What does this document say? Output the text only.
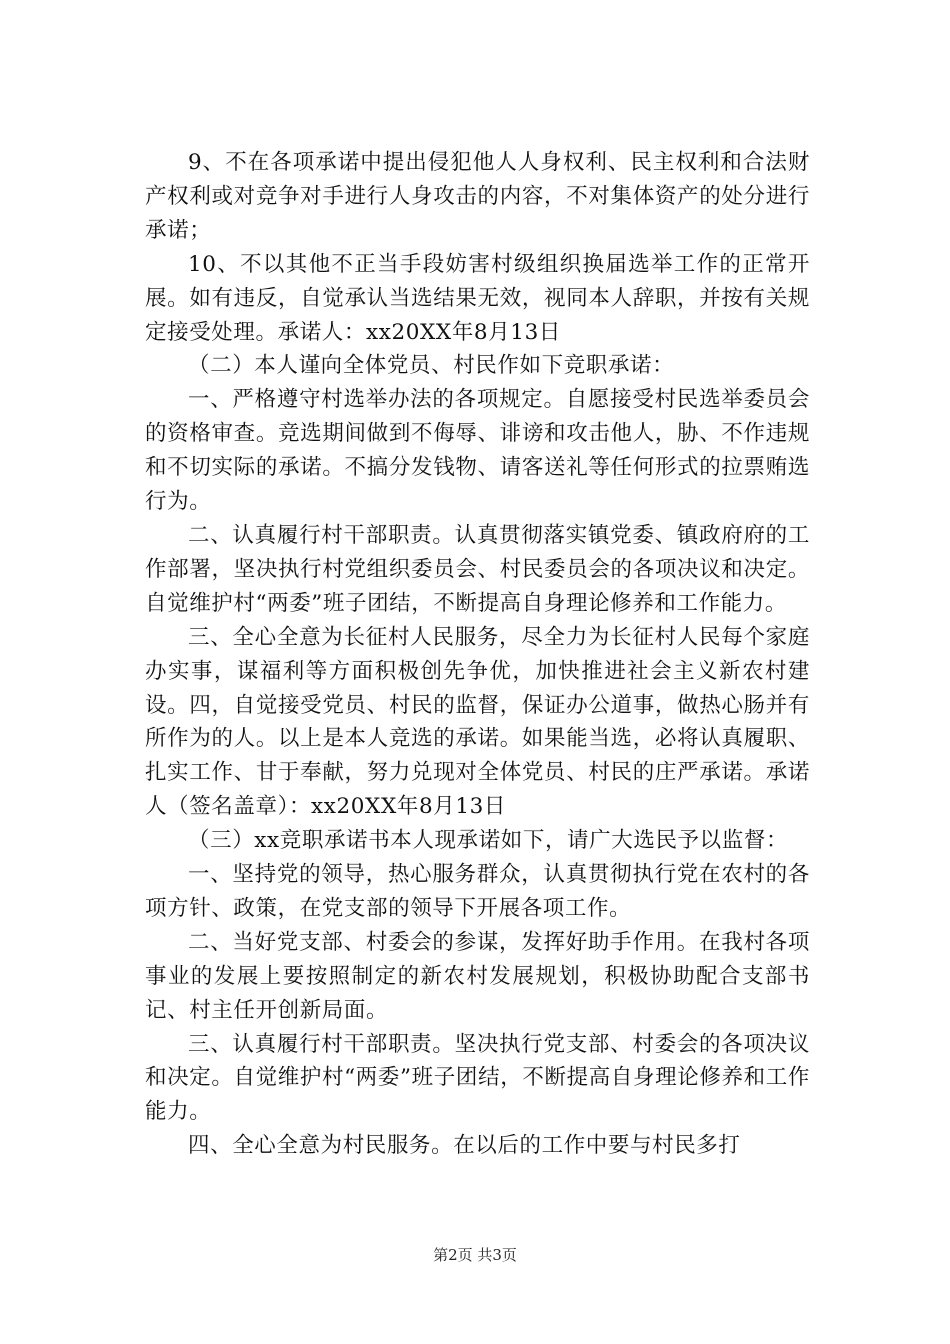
9、不在各项承诺中提出侵犯他人人身权利、民主权利和合法财产权利或对竞争对手进行人身攻击的内容，不对集体资产的处分进行承诺；

10、不以其他不正当手段妨害村级组织换届选举工作的正常开展。如有违反，自觉承认当选结果无效，视同本人辞职，并按有关规定接受处理。承诺人：xx20XX年8月13日

（二）本人谨向全体党员、村民作如下竞职承诺：

一、严格遵守村选举办法的各项规定。自愿接受村民选举委员会的资格审查。竞选期间做到不侮辱、诽谤和攻击他人，胁、不作违规和不切实际的承诺。不搞分发钱物、请客送礼等任何形式的拉票贿选行为。

二、认真履行村干部职责。认真贯彻落实镇党委、镇政府府的工作部署，坚决执行村党组织委员会、村民委员会的各项决议和决定。自觉维护村“两委”班子团结，不断提高自身理论修养和工作能力。

三、全心全意为长征村人民服务，尽全力为长征村人民每个家庭办实事，谋福利等方面积极创先争优，加快推进社会主义新农村建设。四，自觉接受党员、村民的监督，保证办公道事，做热心肠并有所作为的人。以上是本人竞选的承诺。如果能当选，必将认真履职、扎实工作、甘于奉献，努力兑现对全体党员、村民的庄严承诺。承诺人（签名盖章）：xx20XX年8月13日

（三）xx竞职承诺书本人现承诺如下，请广大选民予以监督：

一、坚持党的领导，热心服务群众，认真贯彻执行党在农村的各项方针、政策，在党支部的领导下开展各项工作。

二、当好党支部、村委会的参谋，发挥好助手作用。在我村各项事业的发展上要按照制定的新农村发展规划，积极协助配合支部书记、村主任开创新局面。

三、认真履行村干部职责。坚决执行党支部、村委会的各项决议和决定。自觉维护村“两委”班子团结，不断提高自身理论修养和工作能力。

四、全心全意为村民服务。在以后的工作中要与村民多打

第2页 共3页
